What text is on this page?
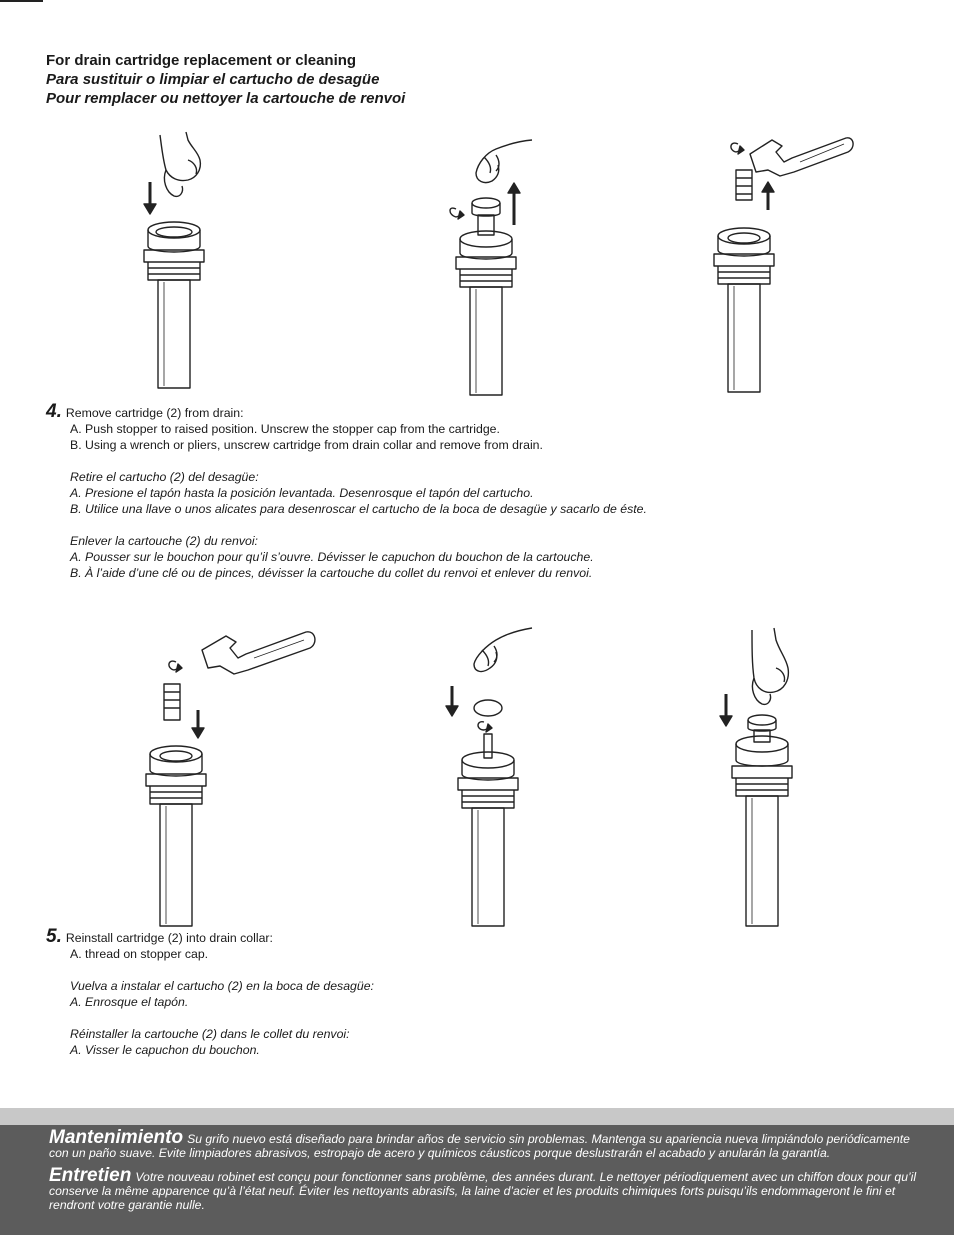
For drain cartridge replacement or cleaning
Para sustituir o limpiar el cartucho de desagüe
Pour remplacer ou nettoyer la cartouche de renvoi
4. Remove cartridge (2) from drain:
A. Push stopper to raised position. Unscrew the stopper cap from the cartridge.
B. Using a wrench or pliers, unscrew cartridge from drain collar and remove from drain.
Retire el cartucho (2) del desagüe:
A. Presione el tapón hasta la posición levantada. Desenrosque el tapón del cartucho.
B. Utilice una llave o unos alicates para desenroscar el cartucho de la boca de desagüe y sacarlo de éste.
Enlever la cartouche (2) du renvoi:
A. Pousser sur le bouchon pour qu’il s’ouvre. Dévisser le capuchon du bouchon de la cartouche.
B. À l’aide d’une clé ou de pinces, dévisser la cartouche du collet du renvoi et enlever du renvoi.
5. Reinstall cartridge (2) into drain collar:
A. thread on stopper cap.
Vuelva a instalar el cartucho (2) en la boca de desagüe:
A. Enrosque el tapón.
Réinstaller la cartouche (2) dans le collet du renvoi:
A. Visser le capuchon du bouchon.
Mantenimiento Su grifo nuevo está diseñado para brindar años de servicio sin problemas. Mantenga su apariencia nueva limpiándolo periódicamente con un paño suave. Evite limpiadores abrasivos, estropajo de acero y químicos cáusticos porque deslustrarán el acabado y anularán la garantía.
Entretien Votre nouveau robinet est conçu pour fonctionner sans problème, des années durant. Le nettoyer périodiquement avec un chiffon doux pour qu’il conserve la même apparence qu’à l’état neuf. Éviter les nettoyants abrasifs, la laine d’acier et les produits chimiques forts puisqu’ils endommageront le fini et rendront votre garantie nulle.
